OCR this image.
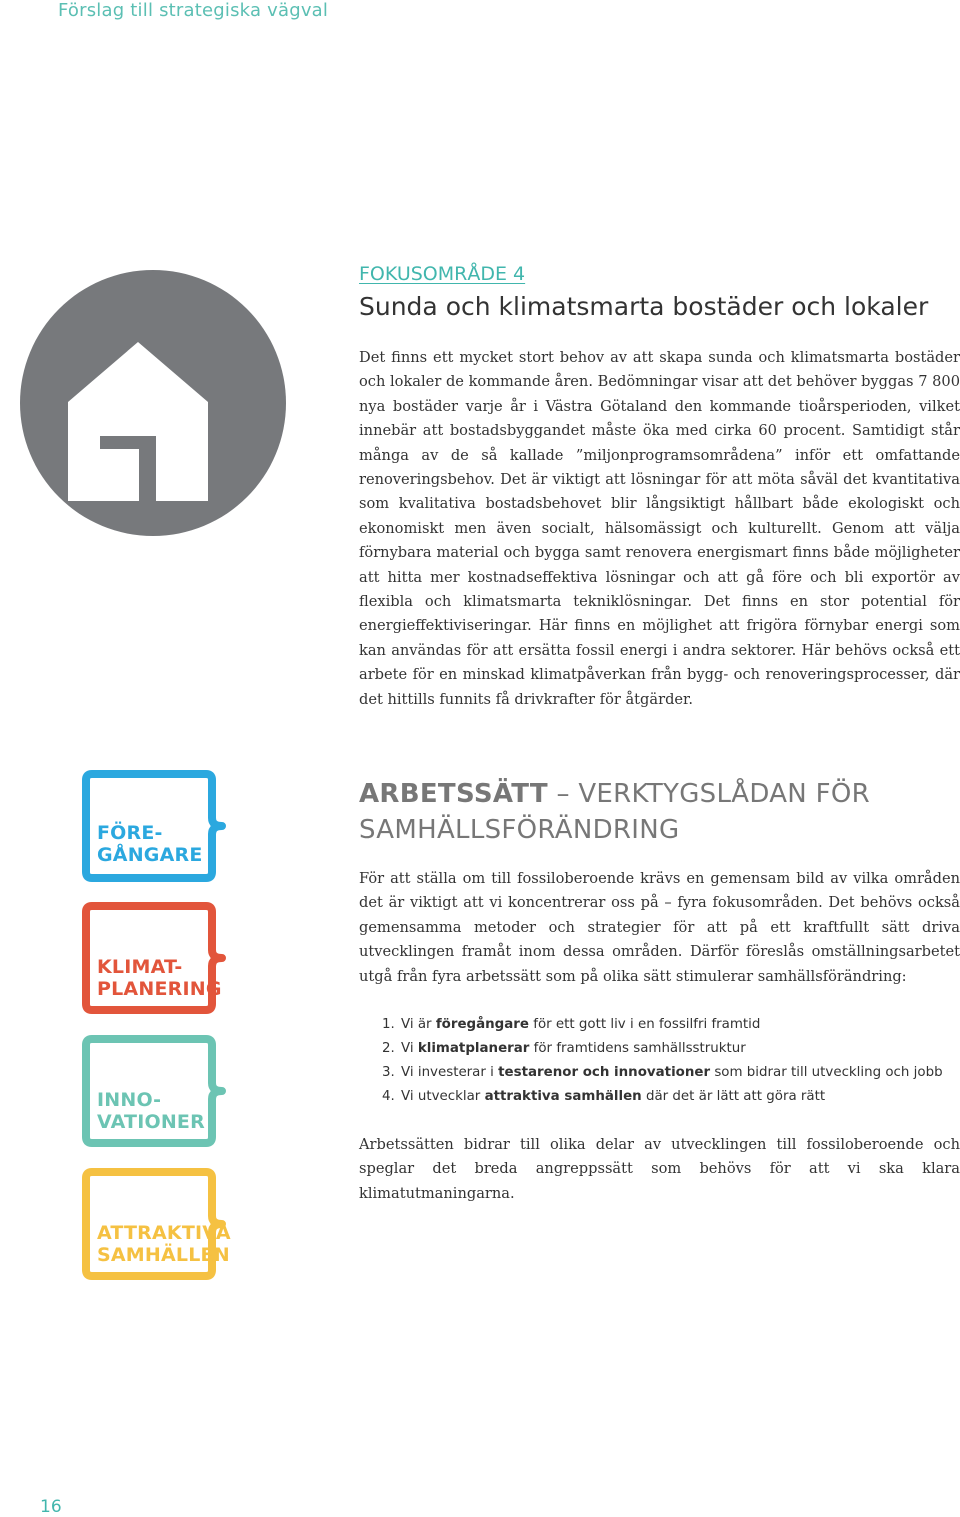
Förslag till strategiska vägval
FOKUSOMRÅDE 4
Sunda och klimatsmarta bostäder och lokaler

Det finns ett mycket stort behov av att skapa sunda och klimatsmarta bostäder och lokaler de kommande åren. Bedömningar visar att det behöver byggas 7 800 nya bostäder varje år i Västra Götaland den kommande tioårsperioden, vilket innebär att bostadsbyggandet måste öka med cirka 60 procent. Samtidigt står många av de så kallade ”miljonprogramsområdena” inför ett omfattande renoveringsbehov. Det är viktigt att lösningar för att möta såväl det kvantitativa som kvalitativa bostadsbehovet blir långsiktigt hållbart både ekologiskt och ekonomiskt men även socialt, hälsomässigt och kulturellt. Genom att välja förnybara material och bygga samt renovera energismart finns både möjligheter att hitta mer kostnadseffektiva lösningar och att gå före och bli exportör av flexibla och klimatsmarta tekniklösningar. Det finns en stor potential för energieffektiviseringar. Här finns en möjlighet att frigöra förnybar energi som kan användas för att ersätta fossil energi i andra sektorer. Här behövs också ett arbete för en minskad klimatpåverkan från bygg- och renoveringsprocesser, där det hittills funnits få drivkrafter för åtgärder.

FÖRE-
GÅNGARE
KLIMAT-
PLANERING
INNO-
VATIONER
ATTRAKTIVA
SAMHÄLLEN
ARBETSSÄTT – VERKTYGSLÅDAN FÖR SAMHÄLLSFÖRÄNDRING

För att ställa om till fossiloberoende krävs en gemensam bild av vilka områden det är viktigt att vi koncentrerar oss på – fyra fokusområden. Det behövs också gemensamma metoder och strategier för att på ett kraftfullt sätt driva utvecklingen framåt inom dessa områden. Därför föreslås omställningsarbetet utgå från fyra arbetssätt som på olika sätt stimulerar samhällsförändring:

1. Vi är föregångare för ett gott liv i en fossilfri framtid
2. Vi klimatplanerar för framtidens samhällsstruktur
3. Vi investerar i testarenor och innovationer som bidrar till utveckling och jobb
4. Vi utvecklar attraktiva samhällen där det är lätt att göra rätt

Arbetssätten bidrar till olika delar av utvecklingen till fossiloberoende och speglar det breda angreppssätt som behövs för att vi ska klara klimatutmaningarna.

16
